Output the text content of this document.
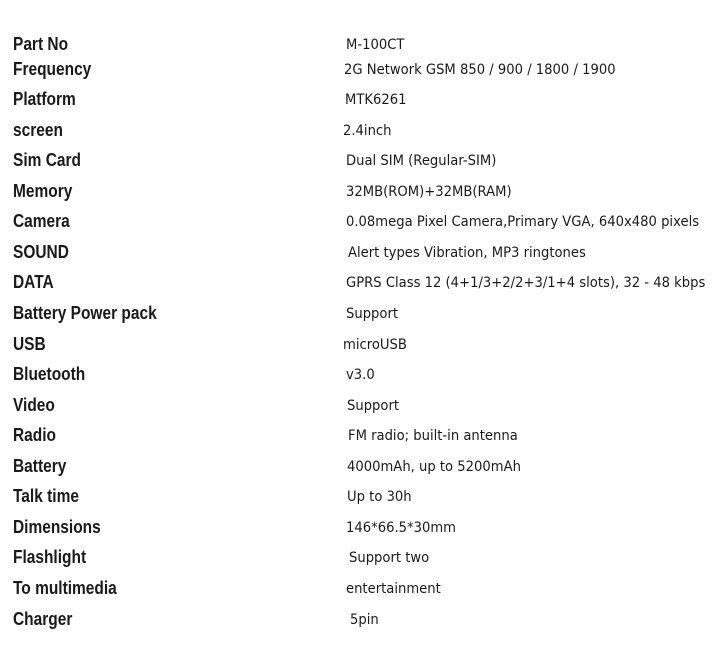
Part No	M-100CT
Frequency	2G Network GSM 850 / 900 / 1800 / 1900
Platform	MTK6261
screen	2.4inch
Sim Card	Dual SIM (Regular-SIM)
Memory	32MB(ROM)+32MB(RAM)
Camera	0.08mega Pixel Camera,Primary VGA, 640x480 pixels
SOUND	Alert types Vibration, MP3 ringtones
DATA	GPRS Class 12 (4+1/3+2/2+3/1+4 slots), 32 - 48 kbps
Battery Power pack	Support
USB	microUSB
Bluetooth	v3.0
Video	Support
Radio	FM radio; built-in antenna
Battery	4000mAh, up to 5200mAh
Talk time	Up to 30h
Dimensions	146*66.5*30mm
Flashlight	Support two
To multimedia	entertainment
Charger	5pin
